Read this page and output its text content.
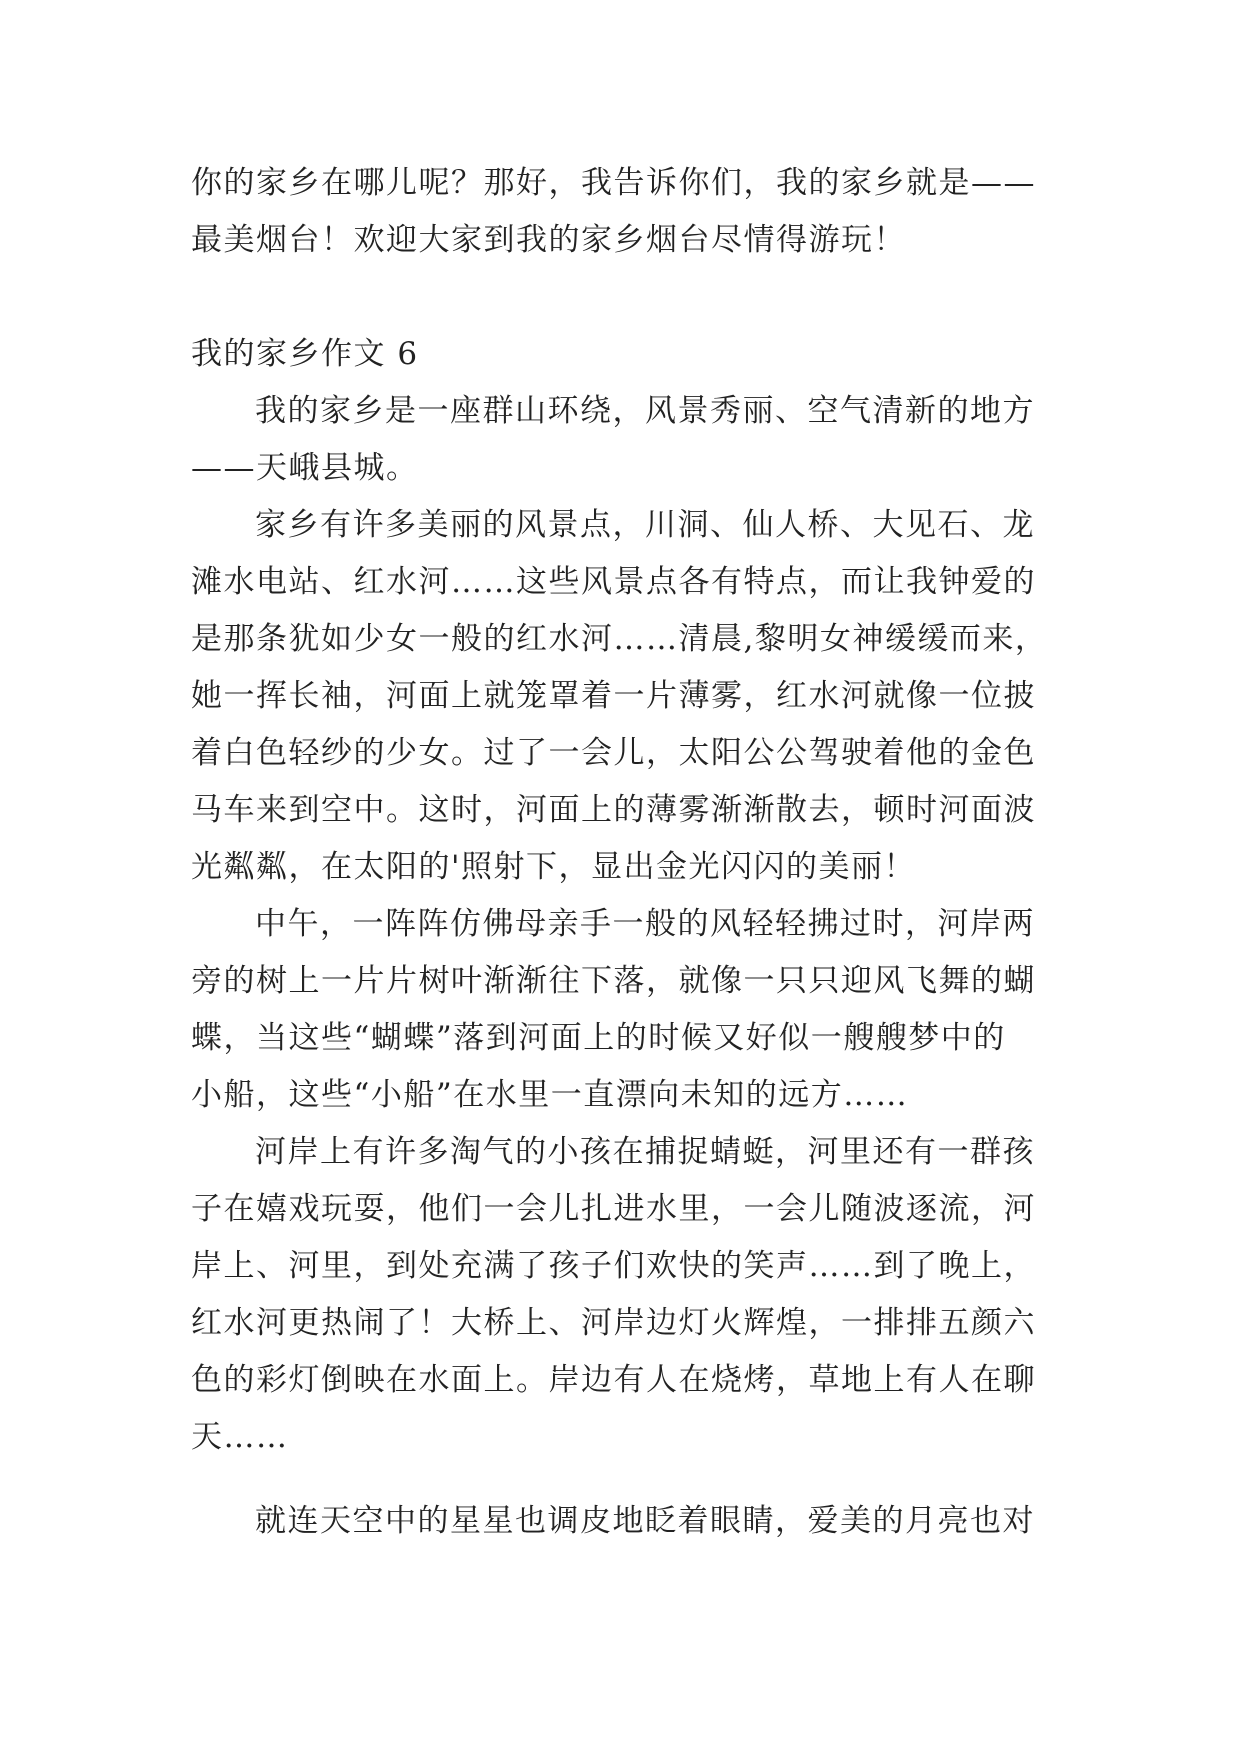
你的家乡在哪儿呢？那好，我告诉你们，我的家乡就是——
最美烟台！欢迎大家到我的家乡烟台尽情得游玩！
我的家乡作文 6
我的家乡是一座群山环绕，风景秀丽、空气清新的地方
——天峨县城。
家乡有许多美丽的风景点，川洞、仙人桥、大见石、龙
滩水电站、红水河……这些风景点各有特点，而让我钟爱的
是那条犹如少女一般的红水河……清晨,黎明女神缓缓而来，
她一挥长袖，河面上就笼罩着一片薄雾，红水河就像一位披
着白色轻纱的少女。过了一会儿，太阳公公驾驶着他的金色
马车来到空中。这时，河面上的薄雾渐渐散去，顿时河面波
光粼粼，在太阳的'照射下，显出金光闪闪的美丽！
中午，一阵阵仿佛母亲手一般的风轻轻拂过时，河岸两
旁的树上一片片树叶渐渐往下落，就像一只只迎风飞舞的蝴
蝶，当这些“蝴蝶”落到河面上的时候又好似一艘艘梦中的
小船，这些“小船”在水里一直漂向未知的远方……
河岸上有许多淘气的小孩在捕捉蜻蜓，河里还有一群孩
子在嬉戏玩耍，他们一会儿扎进水里，一会儿随波逐流，河
岸上、河里，到处充满了孩子们欢快的笑声……到了晚上，
红水河更热闹了！大桥上、河岸边灯火辉煌，一排排五颜六
色的彩灯倒映在水面上。岸边有人在烧烤，草地上有人在聊
天……
就连天空中的星星也调皮地眨着眼睛，爱美的月亮也对
